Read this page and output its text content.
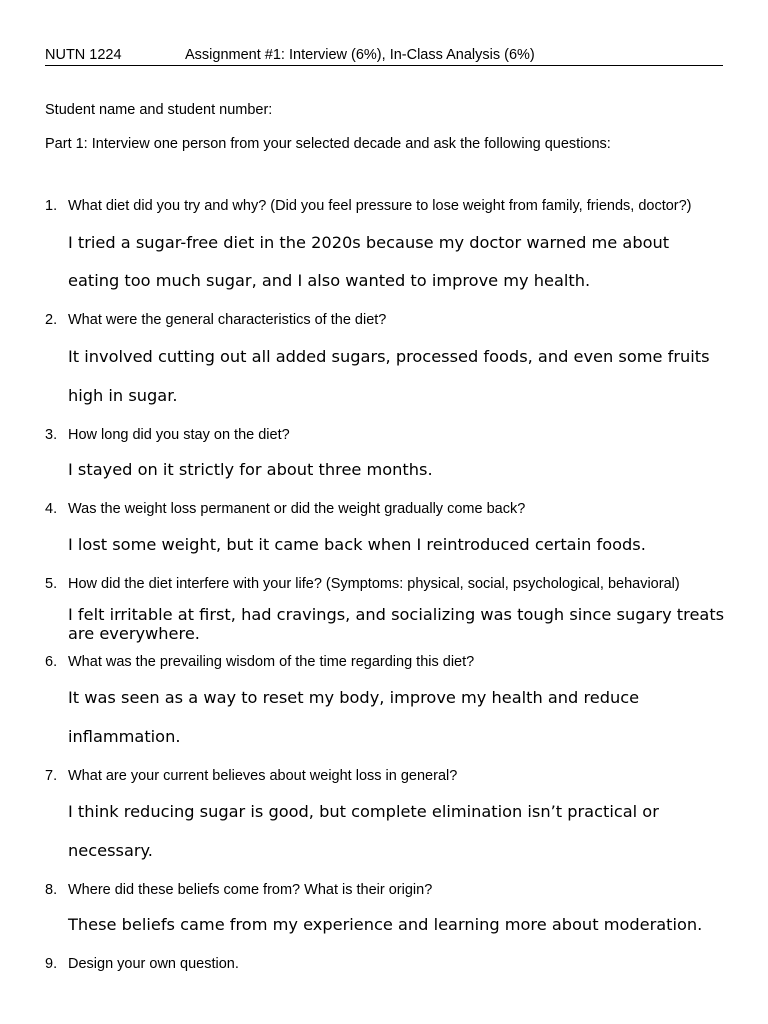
NUTN 1224	Assignment #1: Interview (6%), In-Class Analysis (6%)
Student name and student number:
Part 1: Interview one person from your selected decade and ask the following questions:
1. What diet did you try and why? (Did you feel pressure to lose weight from family, friends, doctor?)
I tried a sugar-free diet in the 2020s because my doctor warned me about
eating too much sugar, and I also wanted to improve my health.
2. What were the general characteristics of the diet?
It involved cutting out all added sugars, processed foods, and even some fruits
high in sugar.
3. How long did you stay on the diet?
I stayed on it strictly for about three months.
4. Was the weight loss permanent or did the weight gradually come back?
I lost some weight, but it came back when I reintroduced certain foods.
5. How did the diet interfere with your life? (Symptoms: physical, social, psychological, behavioral)
I felt irritable at first, had cravings, and socializing was tough since sugary treats are everywhere.
6. What was the prevailing wisdom of the time regarding this diet?
It was seen as a way to reset my body, improve my health and reduce
inflammation.
7. What are your current believes about weight loss in general?
I think reducing sugar is good, but complete elimination isn’t practical or
necessary.
8. Where did these beliefs come from? What is their origin?
These beliefs came from my experience and learning more about moderation.
9. Design your own question.
